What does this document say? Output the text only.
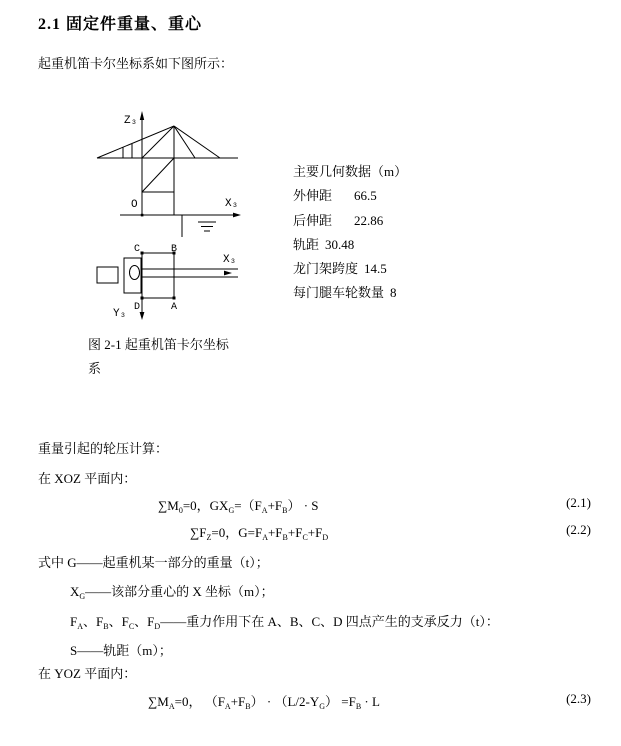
2.1 固定件重量、重心
起重机笛卡尔坐标系如下图所示：
Z₃
X₃
O
X₃
Y₃
C	B
D	A
主要几何数据（m）
外伸距 66.5
后伸距 22.86
轨距 30.48
龙门架跨度 14.5
每门腿车轮数量 8
图 2-1 起重机笛卡尔坐标
系
重量引起的轮压计算：
在 XOZ 平面内：
$\sum M_0=0$，$GX_G=(F_A+F_B) \cdot S$	(2.1)
$\sum F_Z=0$，$G=F_A+F_B+F_C+F_D$
(2.2)
式中 G——起重机某一部分的重量（t）；
$X_G——$该部分重心的 X 坐标（m）；
$F_A$、$F_B$、$F_C$、$F_D——$重力作用下在 A、B、C、D 四点产生的支承反力（t）：
S——轨距（m）；
在 YOZ 平面内：
$\sum M_A=0$， $(F_A+F_B) \cdot (L/2-Y_G) =F_B \cdot L$	(2.3)
